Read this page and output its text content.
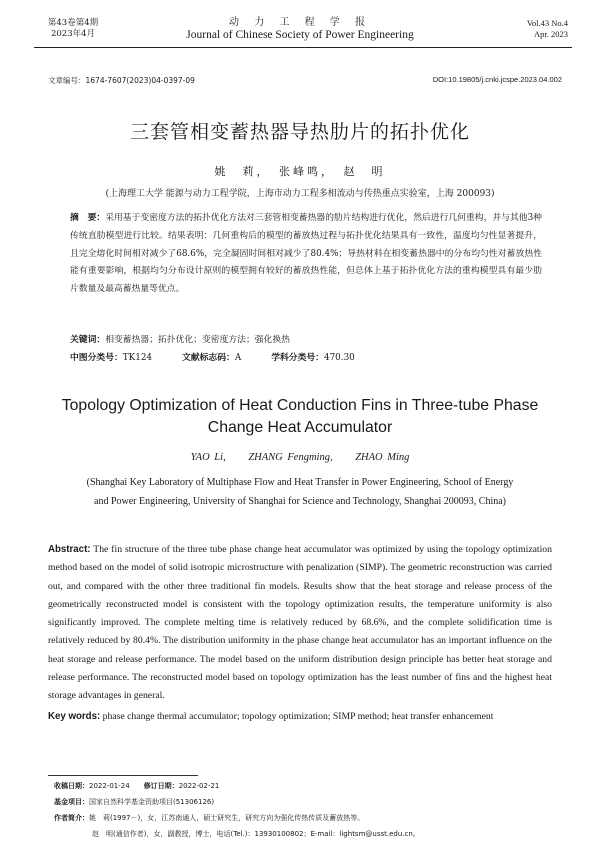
第43卷第4期
2023年4月
动 力 工 程 学 报
Journal of Chinese Society of Power Engineering
Vol.43 No.4
Apr. 2023
文章编号：1674-7607(2023)04-0397-09	DOI:10.19805/j.cnki.jcspe.2023.04.002
三套管相变蓄热器导热肋片的拓扑优化
姚　莉，　张峰鸣，　赵　明
(上海理工大学 能源与动力工程学院，上海市动力工程多相流动与传热重点实验室，上海 200093)
摘　要：采用基于变密度方法的拓扑优化方法对三套管相变蓄热器的肋片结构进行优化，然后进行几何重构，并与其他3种传统直肋模型进行比较。结果表明：几何重构后的模型的蓄放热过程与拓扑优化结果具有一致性，温度均匀性显著提升，且完全熔化时间相对减少了68.6%，完全凝固时间相对减少了80.4%；导热材料在相变蓄热器中的分布均匀性对蓄放热性能有重要影响，根据均匀分布设计原则的模型拥有较好的蓄放热性能，但总体上基于拓扑优化方法的重构模型具有最少肋片数量及最高蓄热量等优点。
关键词：相变蓄热器；拓扑优化；变密度方法；强化换热
中图分类号：TK124	文献标志码：A	学科分类号：470.30
Topology Optimization of Heat Conduction Fins in Three-tube Phase Change Heat Accumulator
YAO Li, ZHANG Fengming, ZHAO Ming
(Shanghai Key Laboratory of Multiphase Flow and Heat Transfer in Power Engineering, School of Energy and Power Engineering, University of Shanghai for Science and Technology, Shanghai 200093, China)
Abstract: The fin structure of the three tube phase change heat accumulator was optimized by using the topology optimization method based on the model of solid isotropic microstructure with penalization (SIMP). The geometric reconstruction was carried out, and compared with the other three traditional fin models. Results show that the heat storage and release process of the geometrically reconstructed model is consistent with the topology optimization results, the temperature uniformity is also significantly improved. The complete melting time is relatively reduced by 68.6%, and the complete solidification time is relatively reduced by 80.4%. The distribution uniformity in the phase change heat accumulator has an important influence on the heat storage and release performance. The model based on the uniform distribution design principle has better heat storage and release performance. The reconstructed model based on topology optimization has the least number of fins and the highest heat storage advantages in general.
Key words: phase change thermal accumulator; topology optimization; SIMP method; heat transfer enhancement
收稿日期：2022-01-24 修订日期：2022-02-21
基金项目：国家自然科学基金资助项目(51306126)
作者简介：姚　莉(1997－)，女，江苏南通人，硕士研究生，研究方向为强化传热传质及蓄放热等。
赵　明(通信作者)，女，副教授，博士，电话(Tel.)：13930100802；E-mail：lightsm@usst.edu.cn。
